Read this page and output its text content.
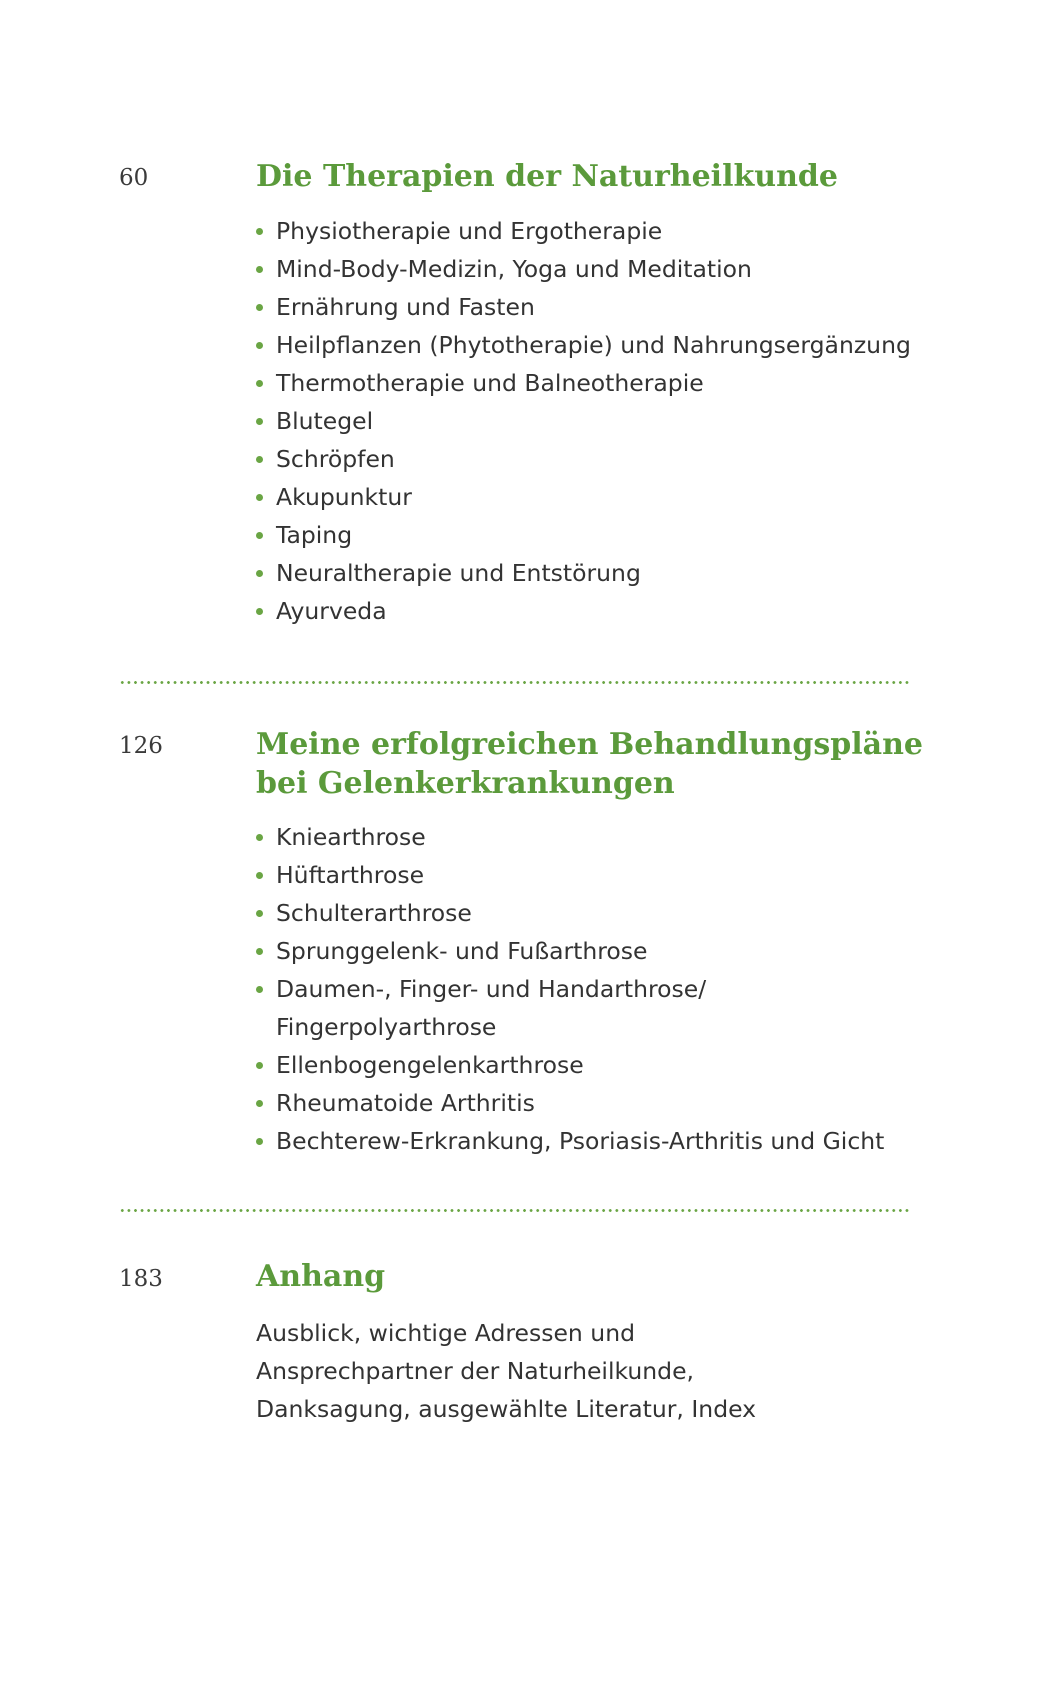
60	Die Therapien der Naturheilkunde
Physiotherapie und Ergotherapie
Mind-Body-Medizin, Yoga und Meditation
Ernährung und Fasten
Heilpflanzen (Phytotherapie) und Nahrungsergänzung
Thermotherapie und Balneotherapie
Blutegel
Schröpfen
Akupunktur
Taping
Neuraltherapie und Entstörung
Ayurveda
126	Meine erfolgreichen Behandlungspläne
bei Gelenkerkrankungen
Kniearthrose
Hüftarthrose
Schulterarthrose
Sprunggelenk- und Fußarthrose
Daumen-, Finger- und Handarthrose/
Fingerpolyarthrose
Ellenbogengelenkarthrose
Rheumatoide Arthritis
Bechterew-Erkrankung, Psoriasis-Arthritis und Gicht
183	Anhang
Ausblick, wichtige Adressen und
Ansprechpartner der Naturheilkunde,
Danksagung, ausgewählte Literatur, Index
